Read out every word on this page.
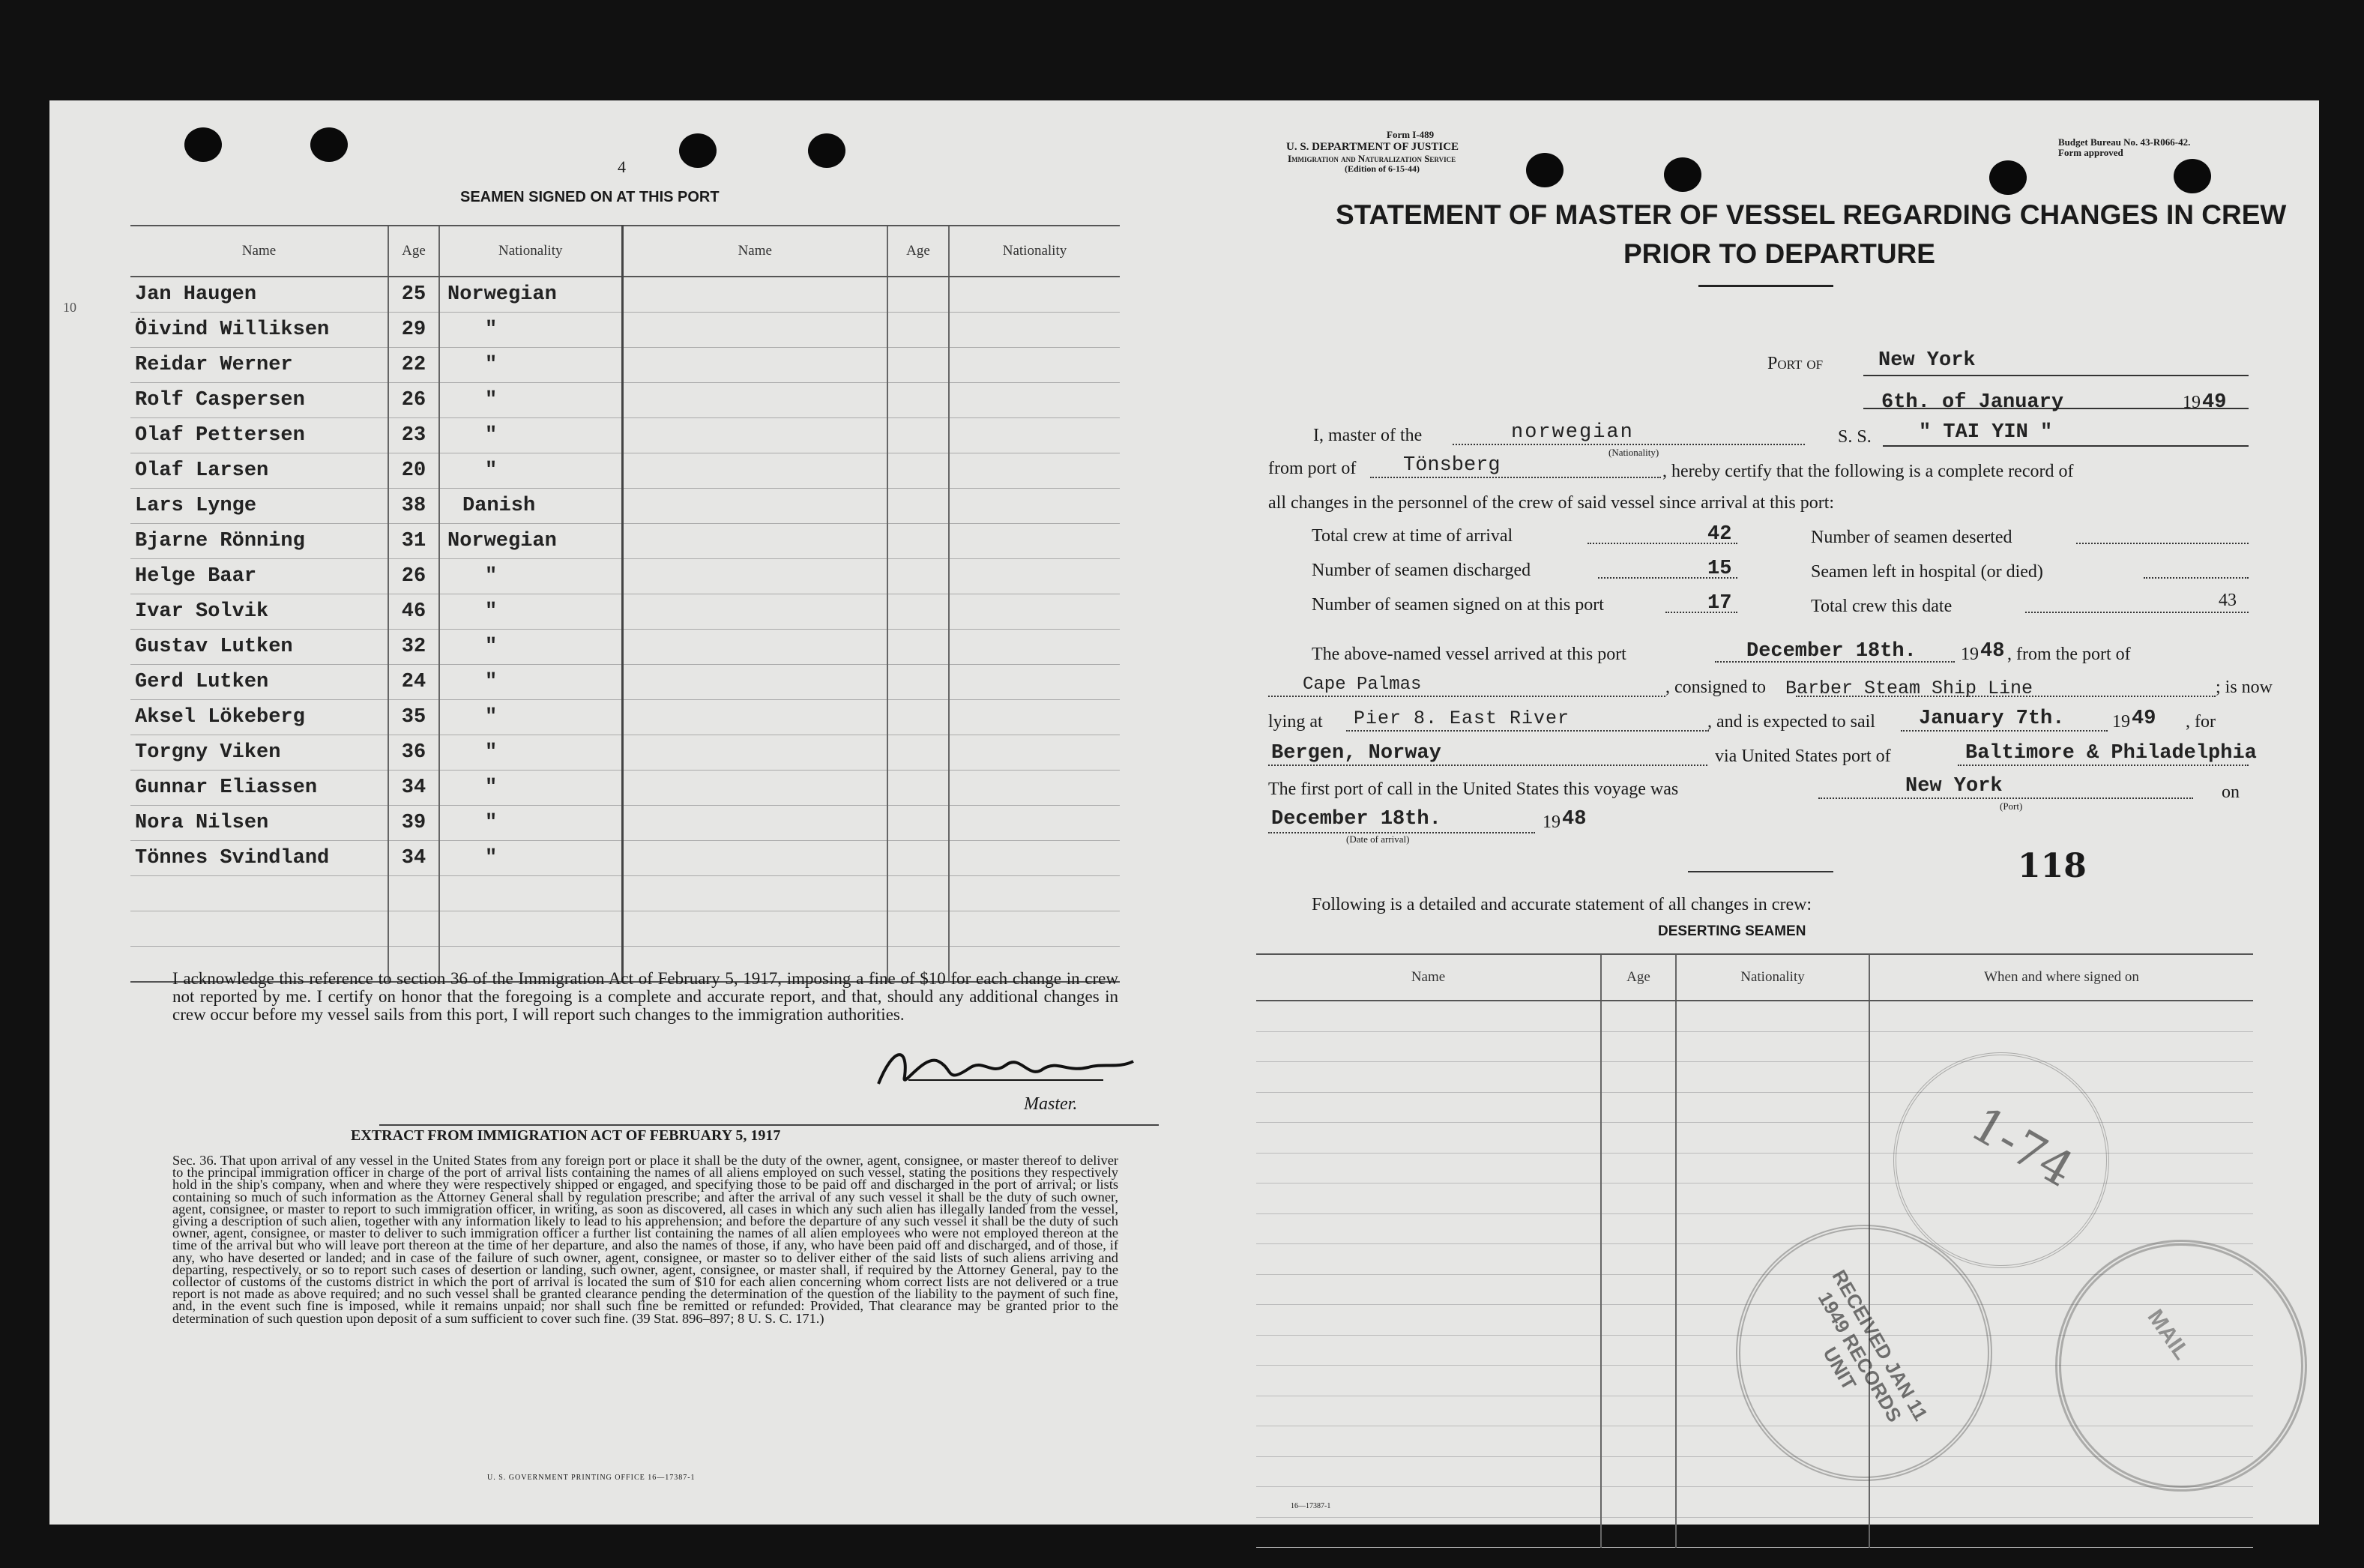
4
SEAMEN SIGNED ON AT THIS PORT
10
Name	Age	Nationality	Name	Age	Nationality
Jan Haugen	25	Norwegian			
Öivind Williksen	29	"			
Reidar Werner	22	"			
Rolf Caspersen	26	"			
Olaf Pettersen	23	"			
Olaf Larsen	20	"			
Lars Lynge	38	Danish			
Bjarne Rönning	31	Norwegian			
Helge Baar	26	"			
Ivar Solvik	46	"			
Gustav Lutken	32	"			
Gerd Lutken	24	"			
Aksel Lökeberg	35	"			
Torgny Viken	36	"			
Gunnar Eliassen	34	"			
Nora Nilsen	39	"			
Tönnes Svindland	34	"			

I acknowledge this reference to section 36 of the Immigration Act of February 5, 1917, imposing a fine of $10 for each change in crew not reported by me. I certify on honor that the foregoing is a complete and accurate report, and that, should any additional changes in crew occur before my vessel sails from this port, I will report such changes to the immigration authorities.
Master.
EXTRACT FROM IMMIGRATION ACT OF FEBRUARY 5, 1917
Sec. 36. That upon arrival of any vessel in the United States from any foreign port or place it shall be the duty of the owner, agent, consignee, or master thereof to deliver to the principal immigration officer in charge of the port of arrival lists containing the names of all aliens employed on such vessel, stating the positions they respectively hold in the ship's company, when and where they were respectively shipped or engaged, and specifying those to be paid off and discharged in the port of arrival; or lists containing so much of such information as the Attorney General shall by regulation prescribe; and after the arrival of any such vessel it shall be the duty of such owner, agent, consignee, or master to report to such immigration officer, in writing, as soon as discovered, all cases in which any such alien has illegally landed from the vessel, giving a description of such alien, together with any information likely to lead to his apprehension; and before the departure of any such vessel it shall be the duty of such owner, agent, consignee, or master to deliver to such immigration officer a further list containing the names of all alien employees who were not employed thereon at the time of the arrival but who will leave port thereon at the time of her departure, and also the names of those, if any, who have been paid off and discharged, and of those, if any, who have deserted or landed; and in case of the failure of such owner, agent, consignee, or master so to deliver either of the said lists of such aliens arriving and departing, respectively, or so to report such cases of desertion or landing, such owner, agent, consignee, or master shall, if required by the Attorney General, pay to the collector of customs of the customs district in which the port of arrival is located the sum of $10 for each alien concerning whom correct lists are not delivered or a true report is not made as above required; and no such vessel shall be granted clearance pending the determination of the question of the liability to the payment of such fine, and, in the event such fine is imposed, while it remains unpaid; nor shall such fine be remitted or refunded: Provided, That clearance may be granted prior to the determination of such question upon deposit of a sum sufficient to cover such fine. (39 Stat. 896–897; 8 U. S. C. 171.)
U. S. GOVERNMENT PRINTING OFFICE 16—17387-1
Form I-489
U. S. DEPARTMENT OF JUSTICE
Immigration and Naturalization Service
(Edition of 6-15-44)
Budget Bureau No. 43-R066-42.
Form approved
STATEMENT OF MASTER OF VESSEL REGARDING CHANGES IN CREW
PRIOR TO DEPARTURE
Port of	New York
6th. of January	19 49
I, master of the	norwegian
(Nationality)
S. S. " TAI YIN "
from port of Tönsberg	, hereby certify that the following is a complete record of
all changes in the personnel of the crew of said vessel since arrival at this port:
Total crew at time of arrival	42	Number of seamen deserted
Number of seamen discharged	15	Seamen left in hospital (or died)
Number of seamen signed on at this port	17	Total crew this date	43
The above-named vessel arrived at this port	December 18th. 19 48 , from the port of
Cape Palmas	, consigned to Barber Steam Ship Line	; is now
lying at Pier 8. East River	, and is expected to sail January 7th.	19 49 , for
Bergen, Norway	via United States port of	Baltimore & Philadelphia
The first port of call in the United States this voyage was	New York
(Port)
on
December 18th.
(Date of arrival)
19 48
118
Following is a detailed and accurate statement of all changes in crew:
DESERTING SEAMEN
Name	Age	Nationality	When and where signed on

RECEIVED JAN 11 1949 RECORDS UNIT
MAIL
1-74
16—17387-1
